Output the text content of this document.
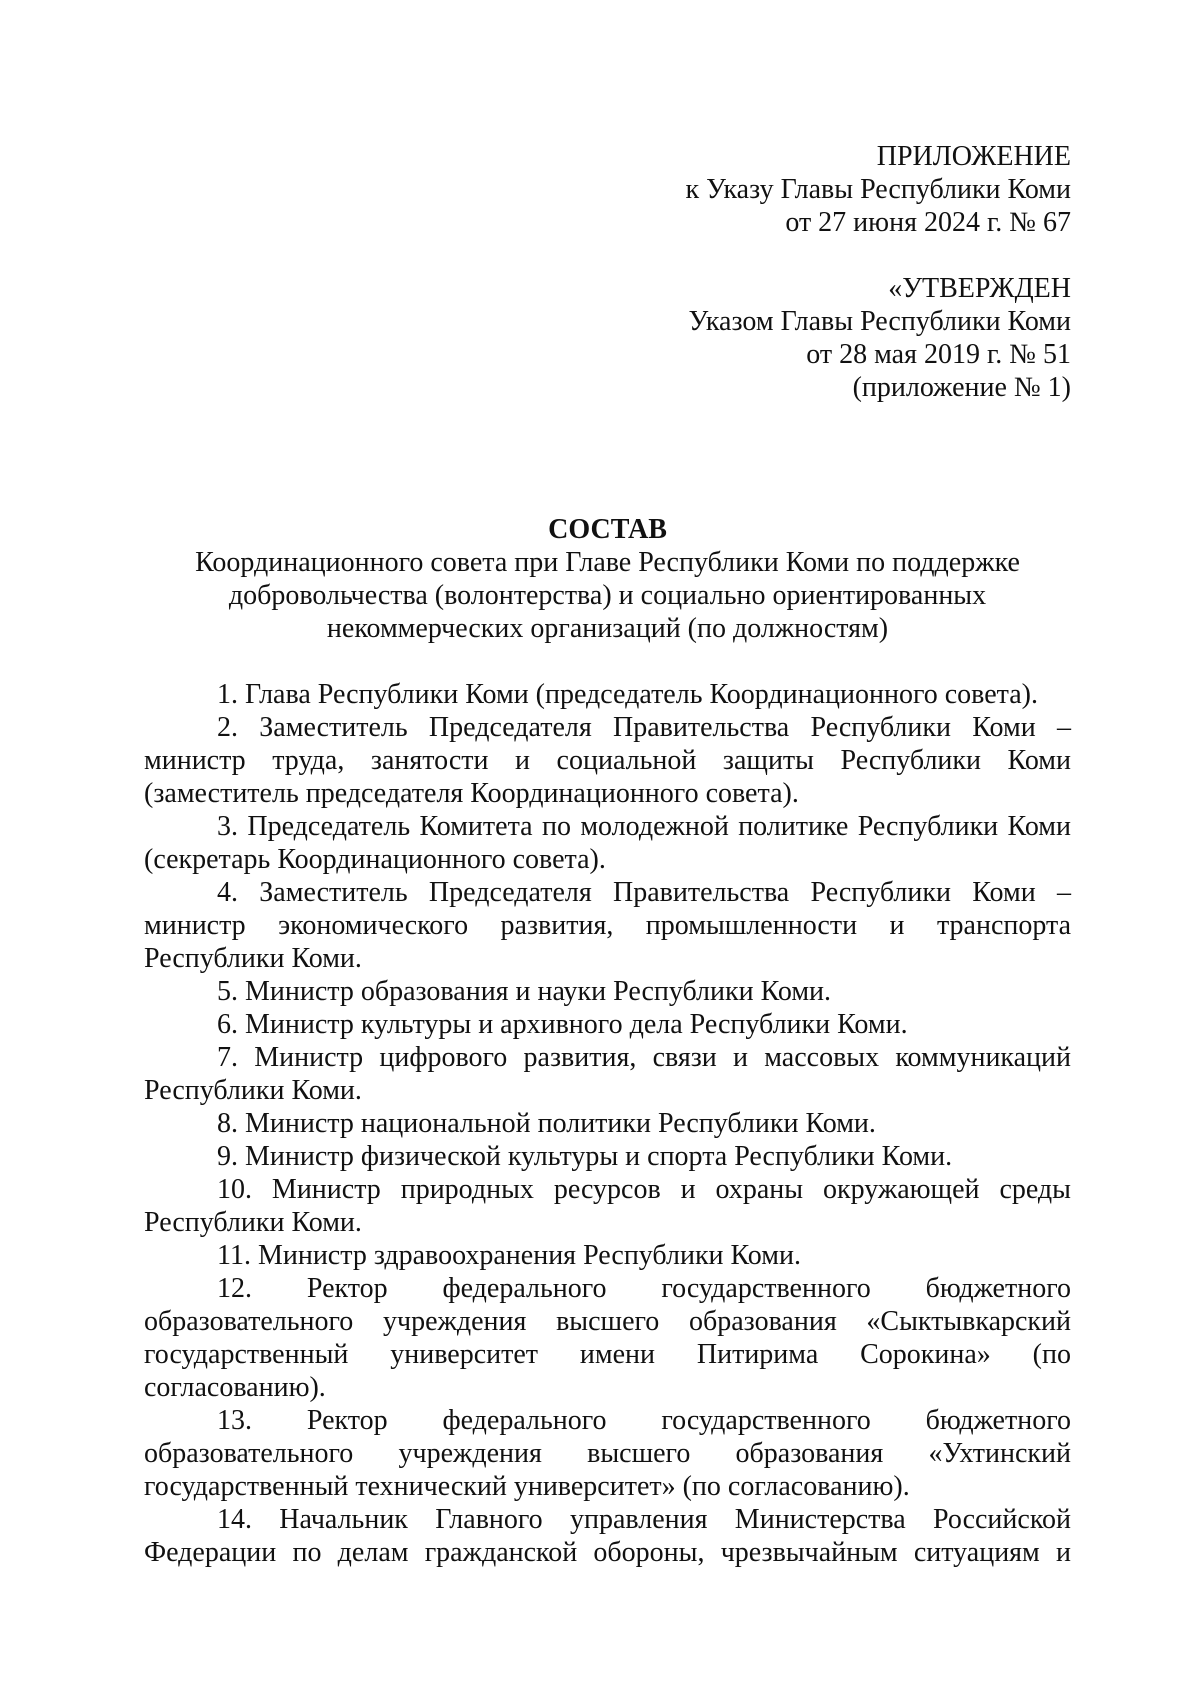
ПРИЛОЖЕНИЕ
к Указу Главы Республики Коми
от 27 июня 2024 г. № 67
«УТВЕРЖДЕН
Указом Главы Республики Коми
от 28 мая 2019 г. № 51
(приложение № 1)

СОСТАВ

Координационного совета при Главе Республики Коми по поддержке добровольчества (волонтерства) и социально ориентированных некоммерческих организаций (по должностям)

1. Глава Республики Коми (председатель Координационного совета).

2. Заместитель Председателя Правительства Республики Коми – министр труда, занятости и социальной защиты Республики Коми (заместитель председателя Координационного совета).

3. Председатель Комитета по молодежной политике Республики Коми (секретарь Координационного совета).

4. Заместитель Председателя Правительства Республики Коми – министр экономического развития, промышленности и транспорта Республики Коми.

5. Министр образования и науки Республики Коми.

6. Министр культуры и архивного дела Республики Коми.

7. Министр цифрового развития, связи и массовых коммуникаций Республики Коми.

8. Министр национальной политики Республики Коми.

9. Министр физической культуры и спорта Республики Коми.

10. Министр природных ресурсов и охраны окружающей среды Республики Коми.

11. Министр здравоохранения Республики Коми.

12. Ректор федерального государственного бюджетного образовательного учреждения высшего образования «Сыктывкарский государственный университет имени Питирима Сорокина» (по согласованию).

13. Ректор федерального государственного бюджетного образовательного учреждения высшего образования «Ухтинский государственный технический университет» (по согласованию).

14. Начальник Главного управления Министерства Российской Федерации по делам гражданской обороны, чрезвычайным ситуациям и
